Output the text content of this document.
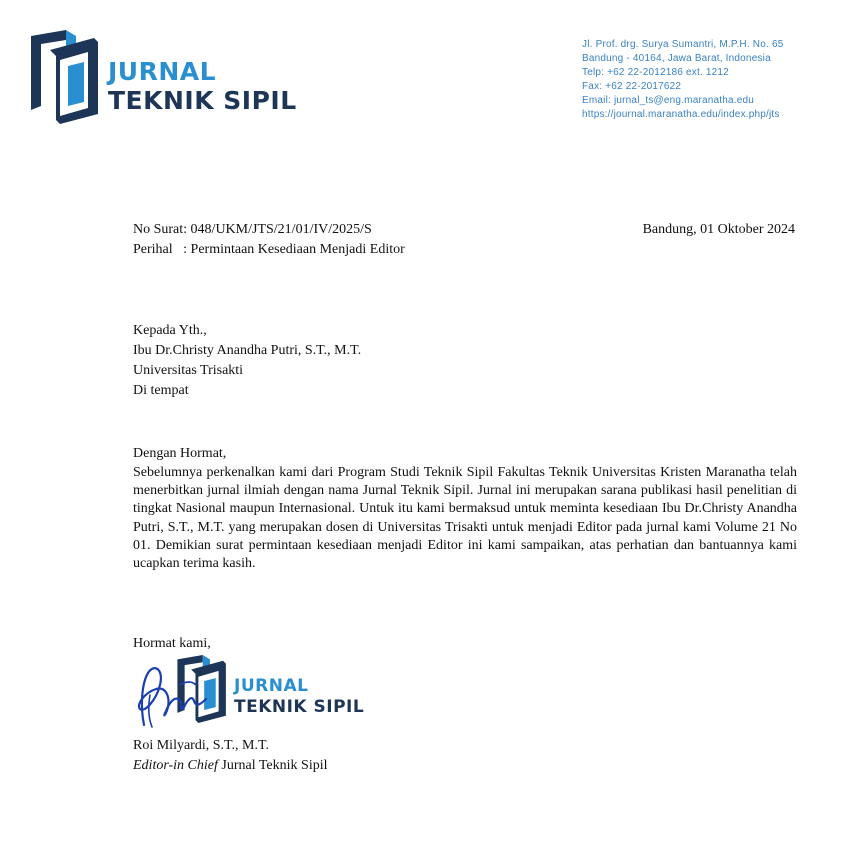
JURNAL
TEKNIK SIPIL
Jl. Prof. drg. Surya Sumantri, M.P.H. No. 65
Bandung - 40164, Jawa Barat, Indonesia
Telp: +62 22-2012186 ext. 1212
Fax: +62 22-2017622
Email: jurnal_ts@eng.maranatha.edu
https://journal.maranatha.edu/index.php/jts
No Surat: 048/UKM/JTS/21/01/IV/2025/S
Perihal   : Permintaan Kesediaan Menjadi Editor
Bandung, 01 Oktober 2024
Kepada Yth.,
Ibu Dr.Christy Anandha Putri, S.T., M.T.
Universitas Trisakti
Di tempat
Dengan Hormat,
Sebelumnya perkenalkan kami dari Program Studi Teknik Sipil Fakultas Teknik Universitas Kristen Maranatha telah menerbitkan jurnal ilmiah dengan nama Jurnal Teknik Sipil. Jurnal ini merupakan sarana publikasi hasil penelitian di tingkat Nasional maupun Internasional. Untuk itu kami bermaksud untuk meminta kesediaan Ibu Dr.Christy Anandha Putri, S.T., M.T. yang merupakan dosen di Universitas Trisakti untuk menjadi Editor pada jurnal kami Volume 21 No 01. Demikian surat permintaan kesediaan menjadi Editor ini kami sampaikan, atas perhatian dan bantuannya kami ucapkan terima kasih.
Hormat kami,
JURNAL
TEKNIK SIPIL
Roi Milyardi, S.T., M.T.
Editor-in Chief Jurnal Teknik Sipil
